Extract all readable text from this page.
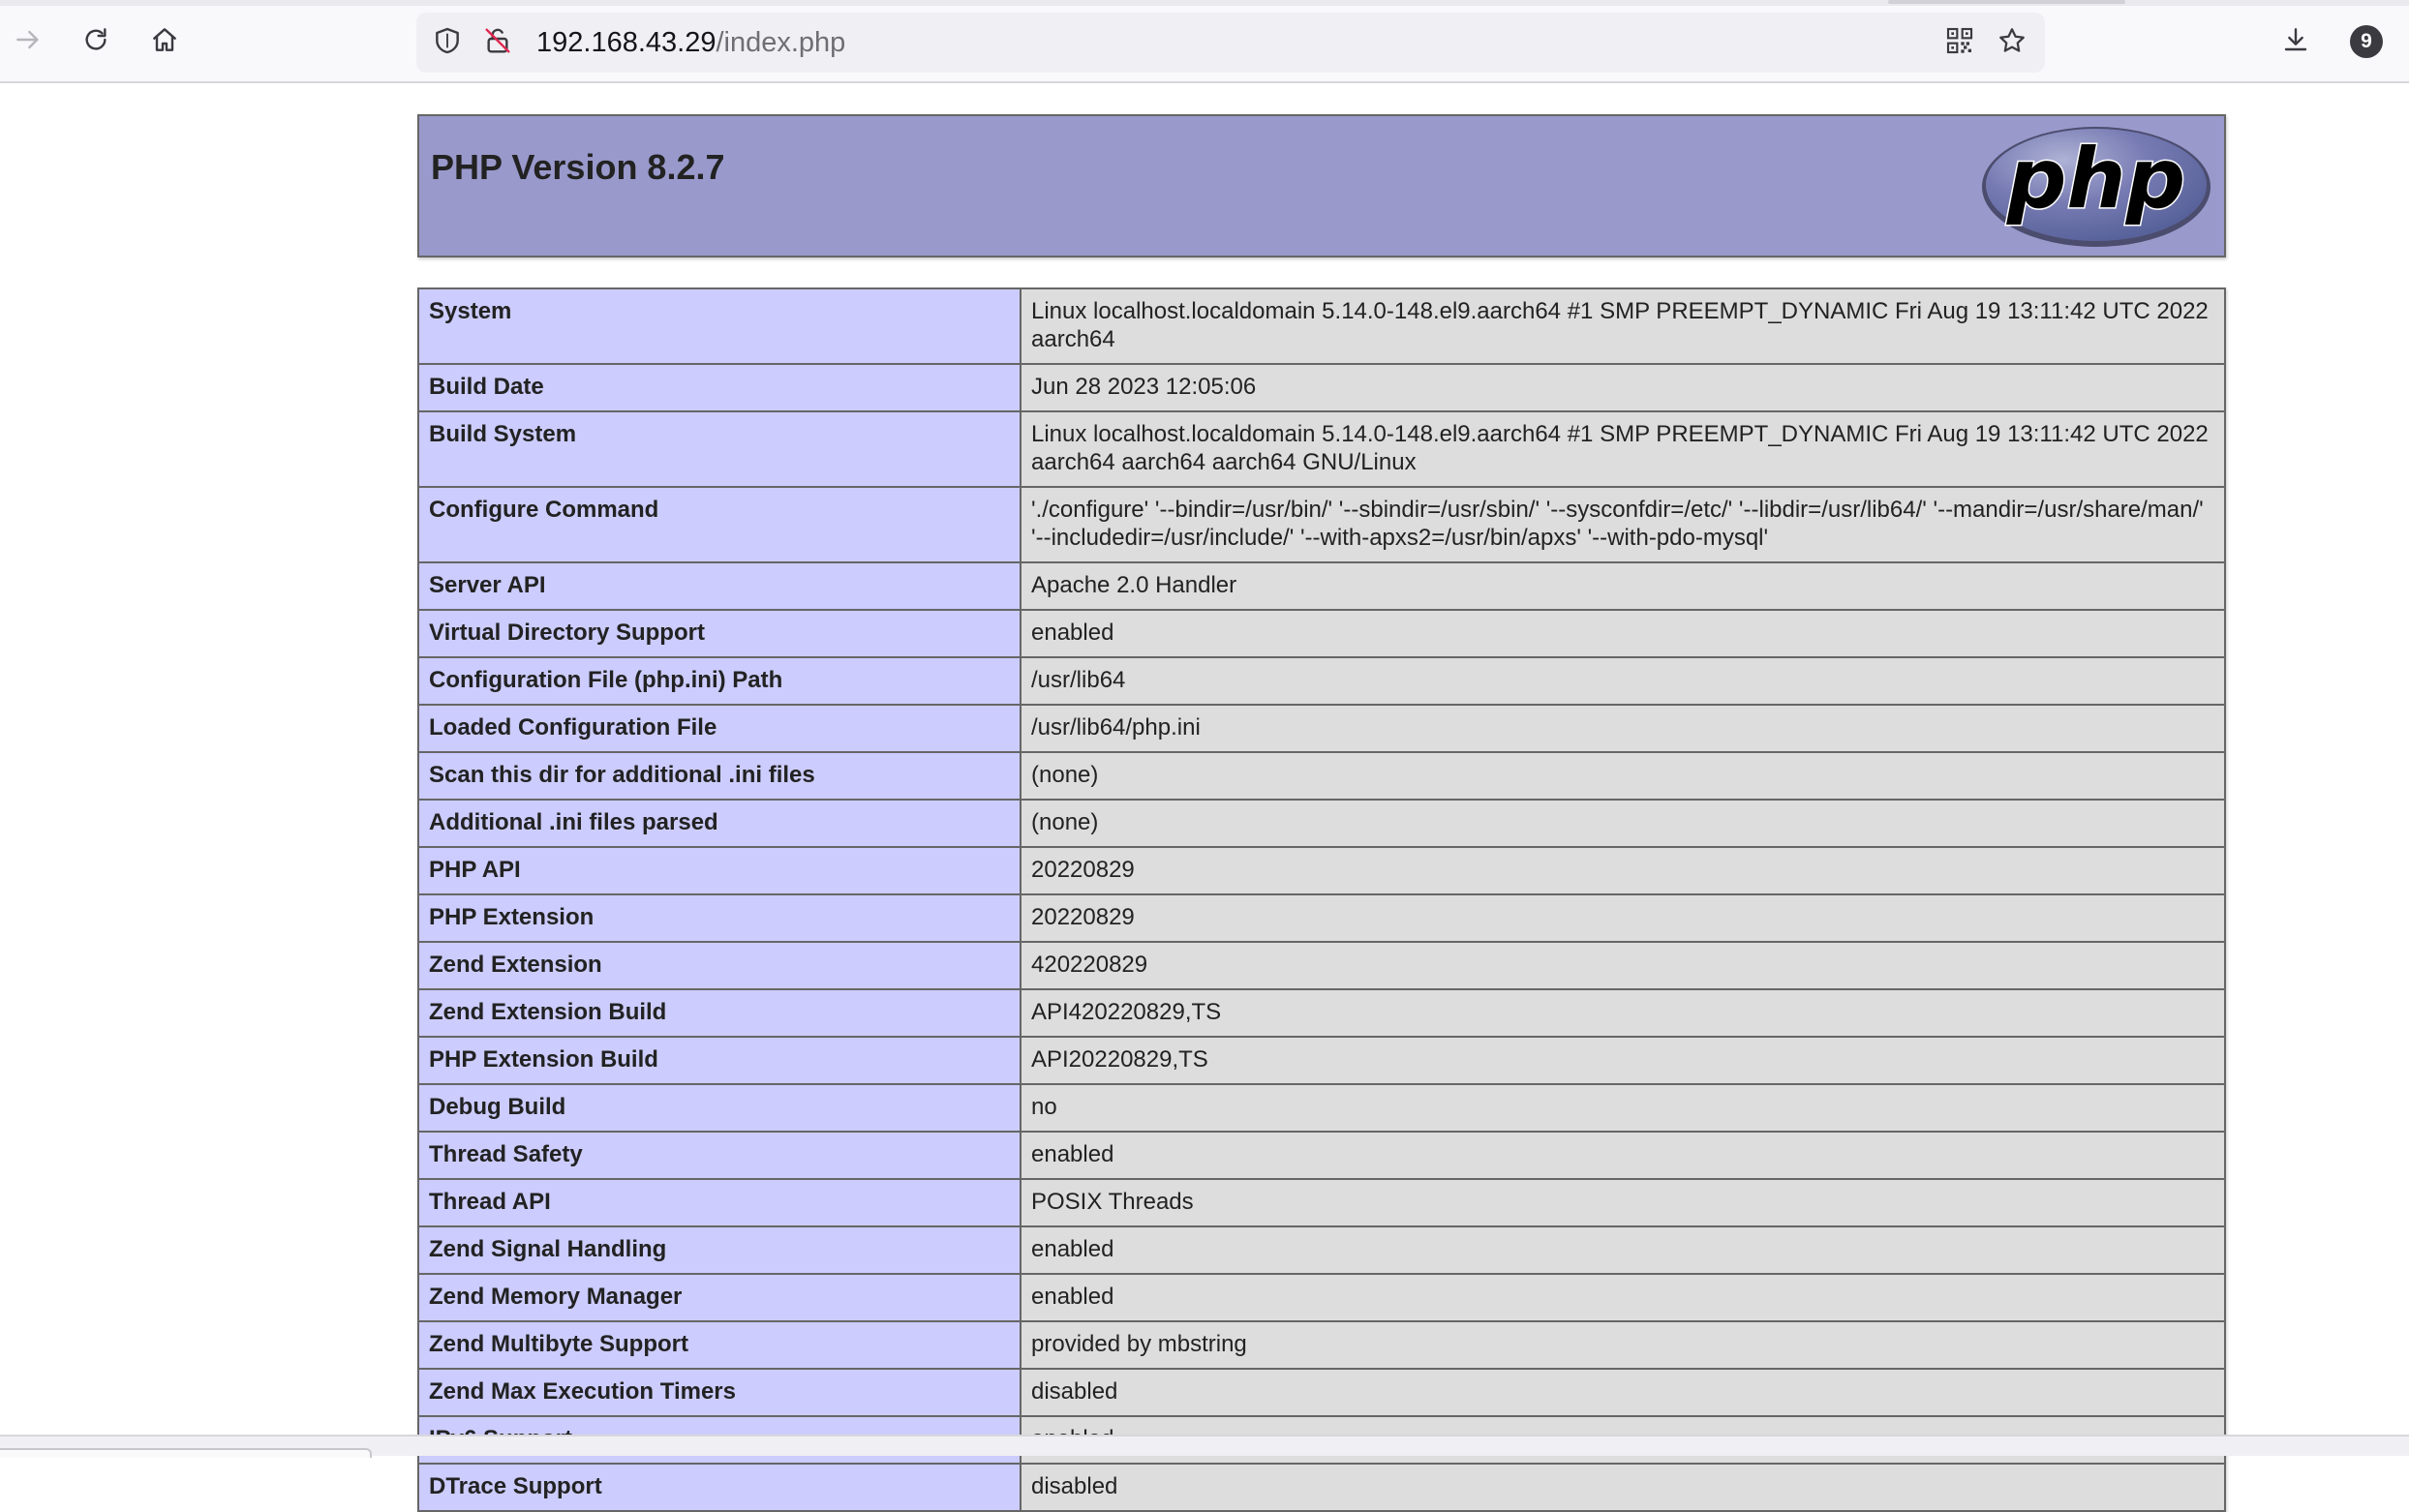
192.168.43.29/index.php	9
PHP Version 8.2.7	php
System	Linux localhost.localdomain 5.14.0-148.el9.aarch64 #1 SMP PREEMPT_DYNAMIC Fri Aug 19 13:11:42 UTC 2022 aarch64
Build Date	Jun 28 2023 12:05:06
Build System	Linux localhost.localdomain 5.14.0-148.el9.aarch64 #1 SMP PREEMPT_DYNAMIC Fri Aug 19 13:11:42 UTC 2022 aarch64 aarch64 aarch64 GNU/Linux
Configure Command	'./configure' '--bindir=/usr/bin/' '--sbindir=/usr/sbin/' '--sysconfdir=/etc/' '--libdir=/usr/lib64/' '--mandir=/usr/share/man/' '--includedir=/usr/include/' '--with-apxs2=/usr/bin/apxs' '--with-pdo-mysql'
Server API	Apache 2.0 Handler
Virtual Directory Support	enabled
Configuration File (php.ini) Path	/usr/lib64
Loaded Configuration File	/usr/lib64/php.ini
Scan this dir for additional .ini files	(none)
Additional .ini files parsed	(none)
PHP API	20220829
PHP Extension	20220829
Zend Extension	420220829
Zend Extension Build	API420220829,TS
PHP Extension Build	API20220829,TS
Debug Build	no
Thread Safety	enabled
Thread API	POSIX Threads
Zend Signal Handling	enabled
Zend Memory Manager	enabled
Zend Multibyte Support	provided by mbstring
Zend Max Execution Timers	disabled

DTrace Support	disabled
